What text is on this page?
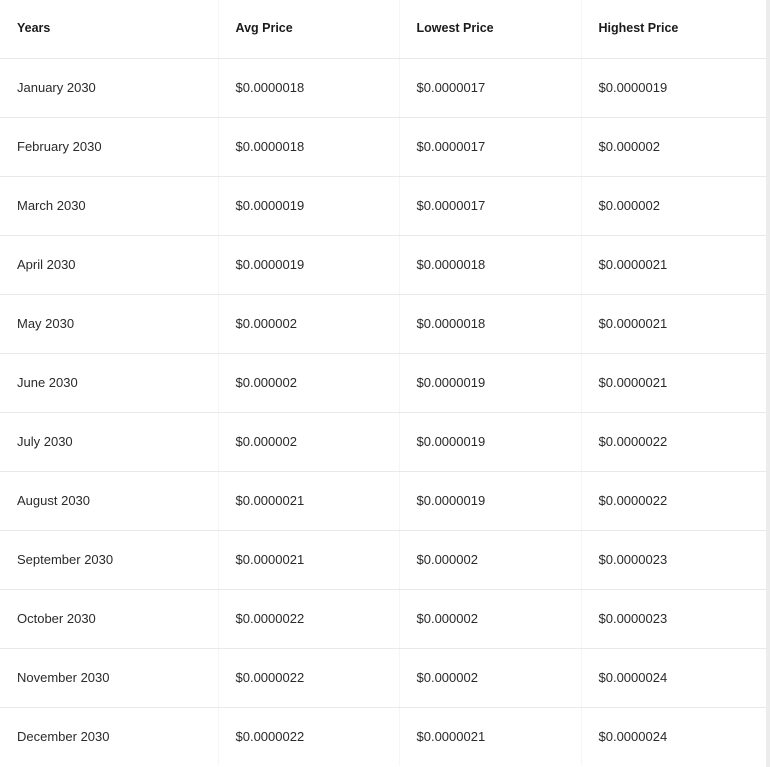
Years	Avg Price	Lowest Price	Highest Price
January 2030	$0.0000018	$0.0000017	$0.0000019
February 2030	$0.0000018	$0.0000017	$0.000002
March 2030	$0.0000019	$0.0000017	$0.000002
April 2030	$0.0000019	$0.0000018	$0.0000021
May 2030	$0.000002	$0.0000018	$0.0000021
June 2030	$0.000002	$0.0000019	$0.0000021
July 2030	$0.000002	$0.0000019	$0.0000022
August 2030	$0.0000021	$0.0000019	$0.0000022
September 2030	$0.0000021	$0.000002	$0.0000023
October 2030	$0.0000022	$0.000002	$0.0000023
November 2030	$0.0000022	$0.000002	$0.0000024
December 2030	$0.0000022	$0.0000021	$0.0000024
